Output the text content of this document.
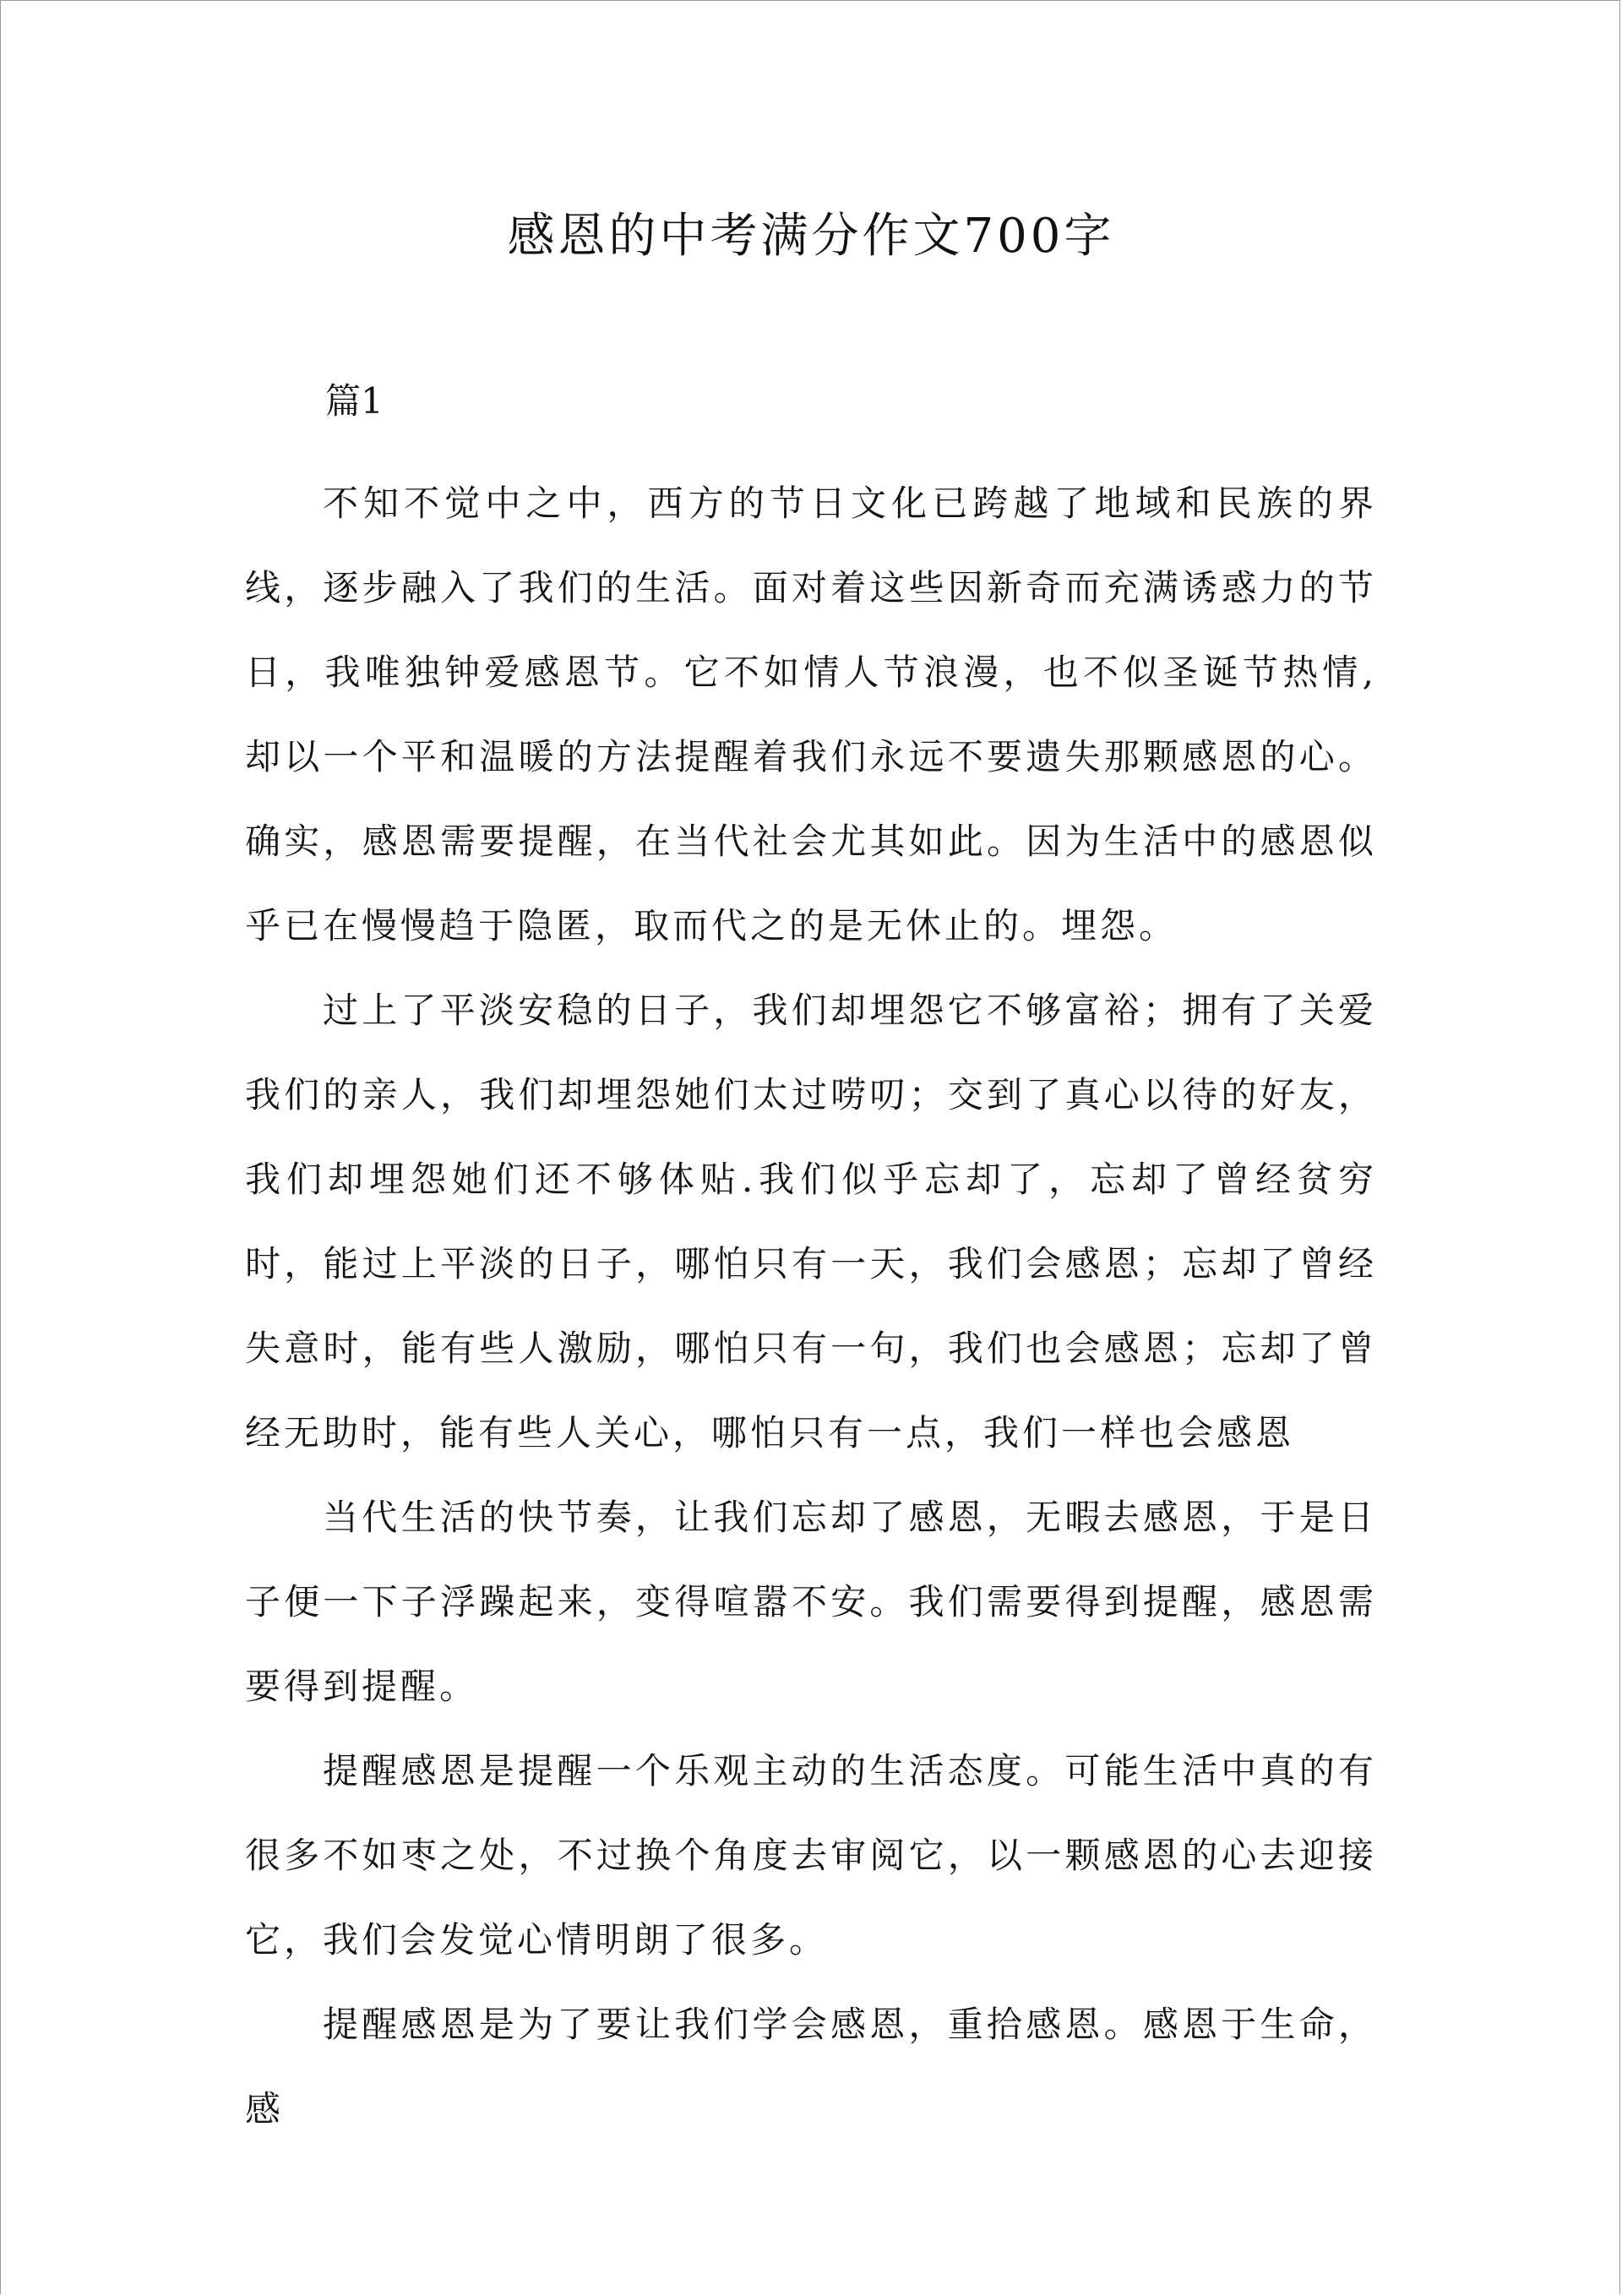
感恩的中考满分作文700字
篇1

不知不觉中之中，西方的节日文化已跨越了地域和民族的界线，逐步融入了我们的生活。面对着这些因新奇而充满诱惑力的节日，我唯独钟爱感恩节。它不如情人节浪漫，也不似圣诞节热情,却以一个平和温暖的方法提醒着我们永远不要遗失那颗感恩的心。确实，感恩需要提醒，在当代社会尤其如此。因为生活中的感恩似乎已在慢慢趋于隐匿，取而代之的是无休止的。埋怨。

过上了平淡安稳的日子，我们却埋怨它不够富裕；拥有了关爱我们的亲人，我们却埋怨她们太过唠叨；交到了真心以待的好友，我们却埋怨她们还不够体贴.我们似乎忘却了，忘却了曾经贫穷时，能过上平淡的日子，哪怕只有一天，我们会感恩；忘却了曾经失意时，能有些人激励，哪怕只有一句，我们也会感恩；忘却了曾经无助时，能有些人关心，哪怕只有一点，我们一样也会感恩

当代生活的快节奏，让我们忘却了感恩，无暇去感恩，于是日子便一下子浮躁起来，变得喧嚣不安。我们需要得到提醒，感恩需要得到提醒。

提醒感恩是提醒一个乐观主动的生活态度。可能生活中真的有很多不如枣之处，不过换个角度去审阅它，以一颗感恩的心去迎接它，我们会发觉心情明朗了很多。

提醒感恩是为了要让我们学会感恩，重拾感恩。感恩于生命，感
